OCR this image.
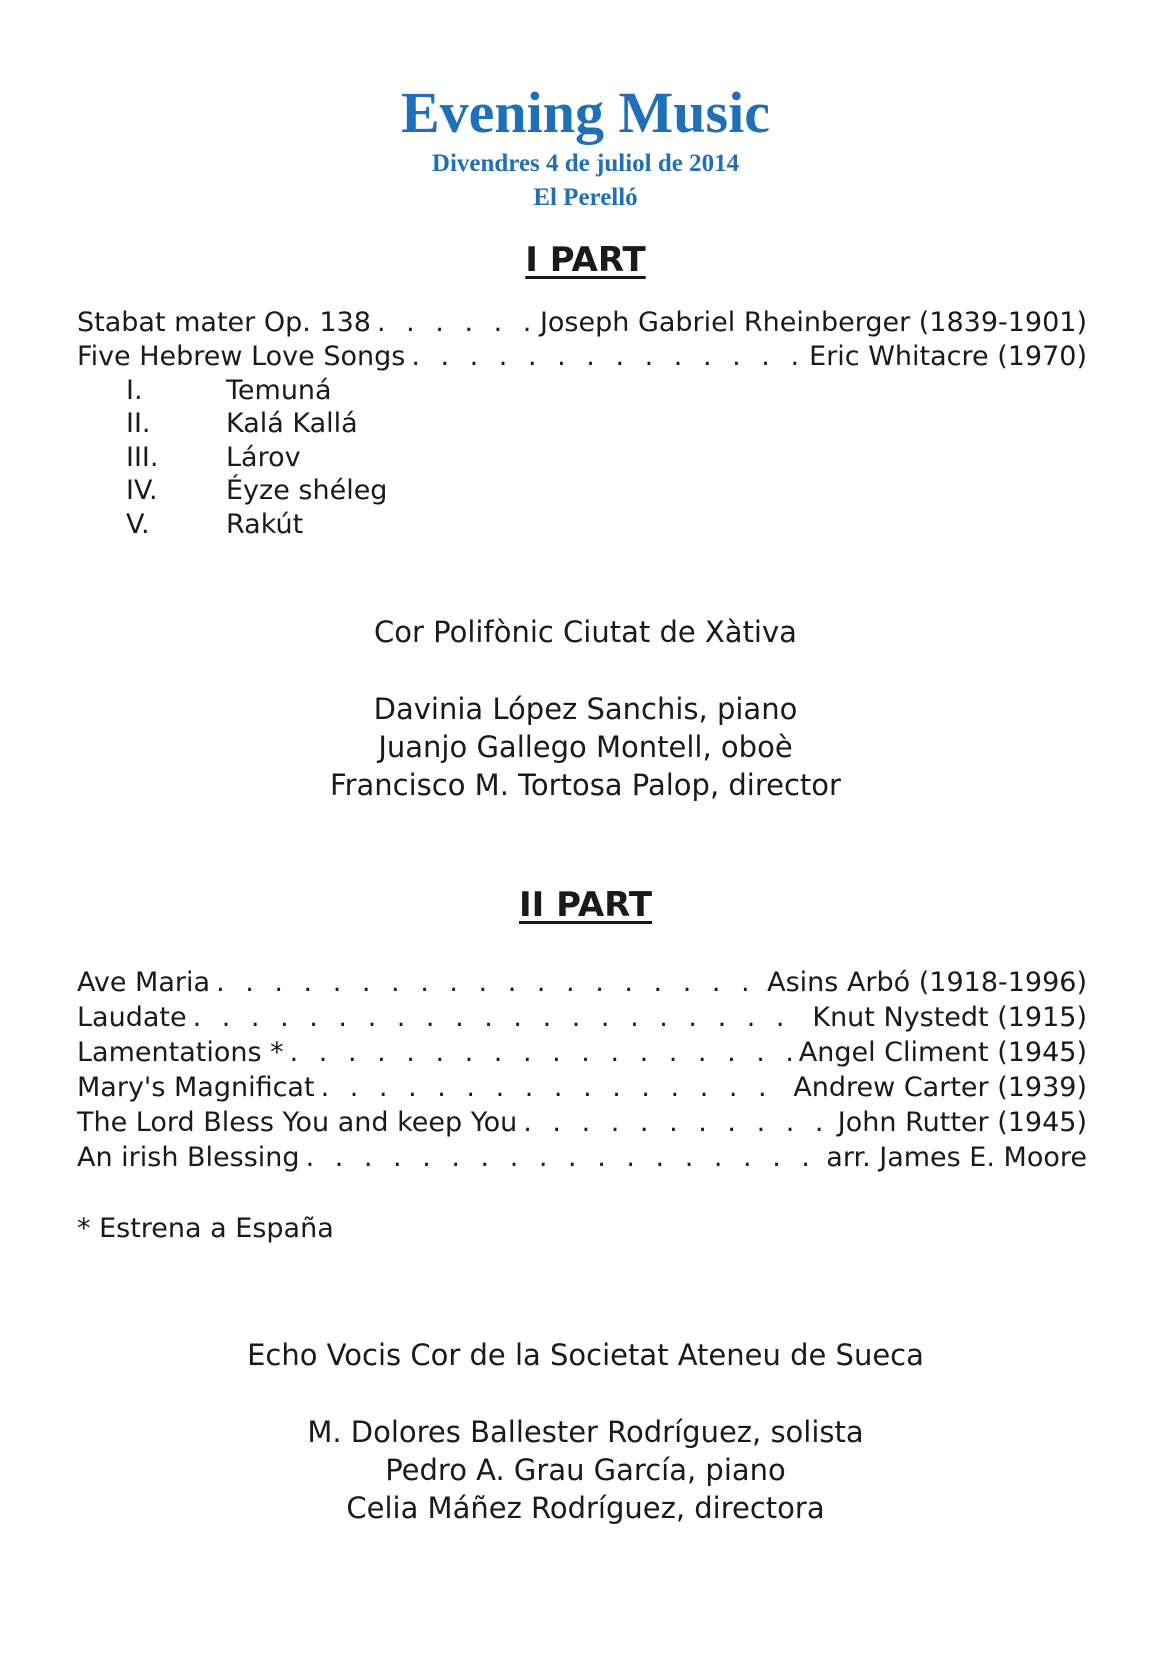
Evening Music
Divendres 4 de juliol de 2014
El Perelló
I PART
Stabat mater Op. 138 . . .	Joseph Gabriel Rheinberger (1839-1901)
Five Hebrew Love Songs . . .	Eric Whitacre (1970)
I.	Temuná
II.	Kalá Kallá
III.	Lárov
IV.	Éyze shéleg
V.	Rakút
Cor Polifònic Ciutat de Xàtiva
Davinia López Sanchis, piano
Juanjo Gallego Montell, oboè
Francisco M. Tortosa Palop, director
II PART
Ave Maria . . .	Asins Arbó (1918-1996)
Laudate . . .	Knut Nystedt (1915)
Lamentations * . . .	Angel Climent (1945)
Mary's Magnificat . . .	Andrew Carter (1939)
The Lord Bless You and keep You . . .	John Rutter (1945)
An irish Blessing . . .	arr. James E. Moore
* Estrena a España
Echo Vocis Cor de la Societat Ateneu de Sueca
M. Dolores Ballester Rodríguez, solista
Pedro A. Grau García, piano
Celia Máñez Rodríguez, directora
